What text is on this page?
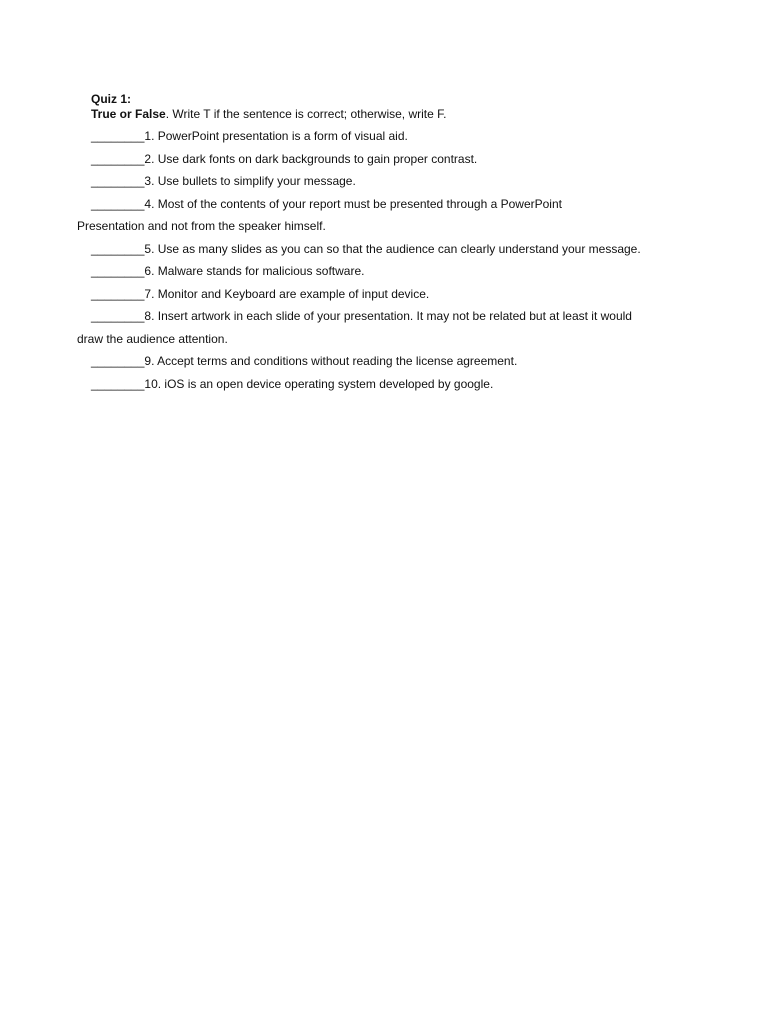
Quiz 1:

True or False. Write T if the sentence is correct; otherwise, write F.

________1. PowerPoint presentation is a form of visual aid.
________2. Use dark fonts on dark backgrounds to gain proper contrast.
________3. Use bullets to simplify your message.
________4. Most of the contents of your report must be presented through a PowerPoint
Presentation and not from the speaker himself.
________5. Use as many slides as you can so that the audience can clearly understand your message.
________6. Malware stands for malicious software.
________7. Monitor and Keyboard are example of input device.
________8. Insert artwork in each slide of your presentation. It may not be related but at least it would
draw the audience attention.
________9. Accept terms and conditions without reading the license agreement.
________10. iOS is an open device operating system developed by google.
